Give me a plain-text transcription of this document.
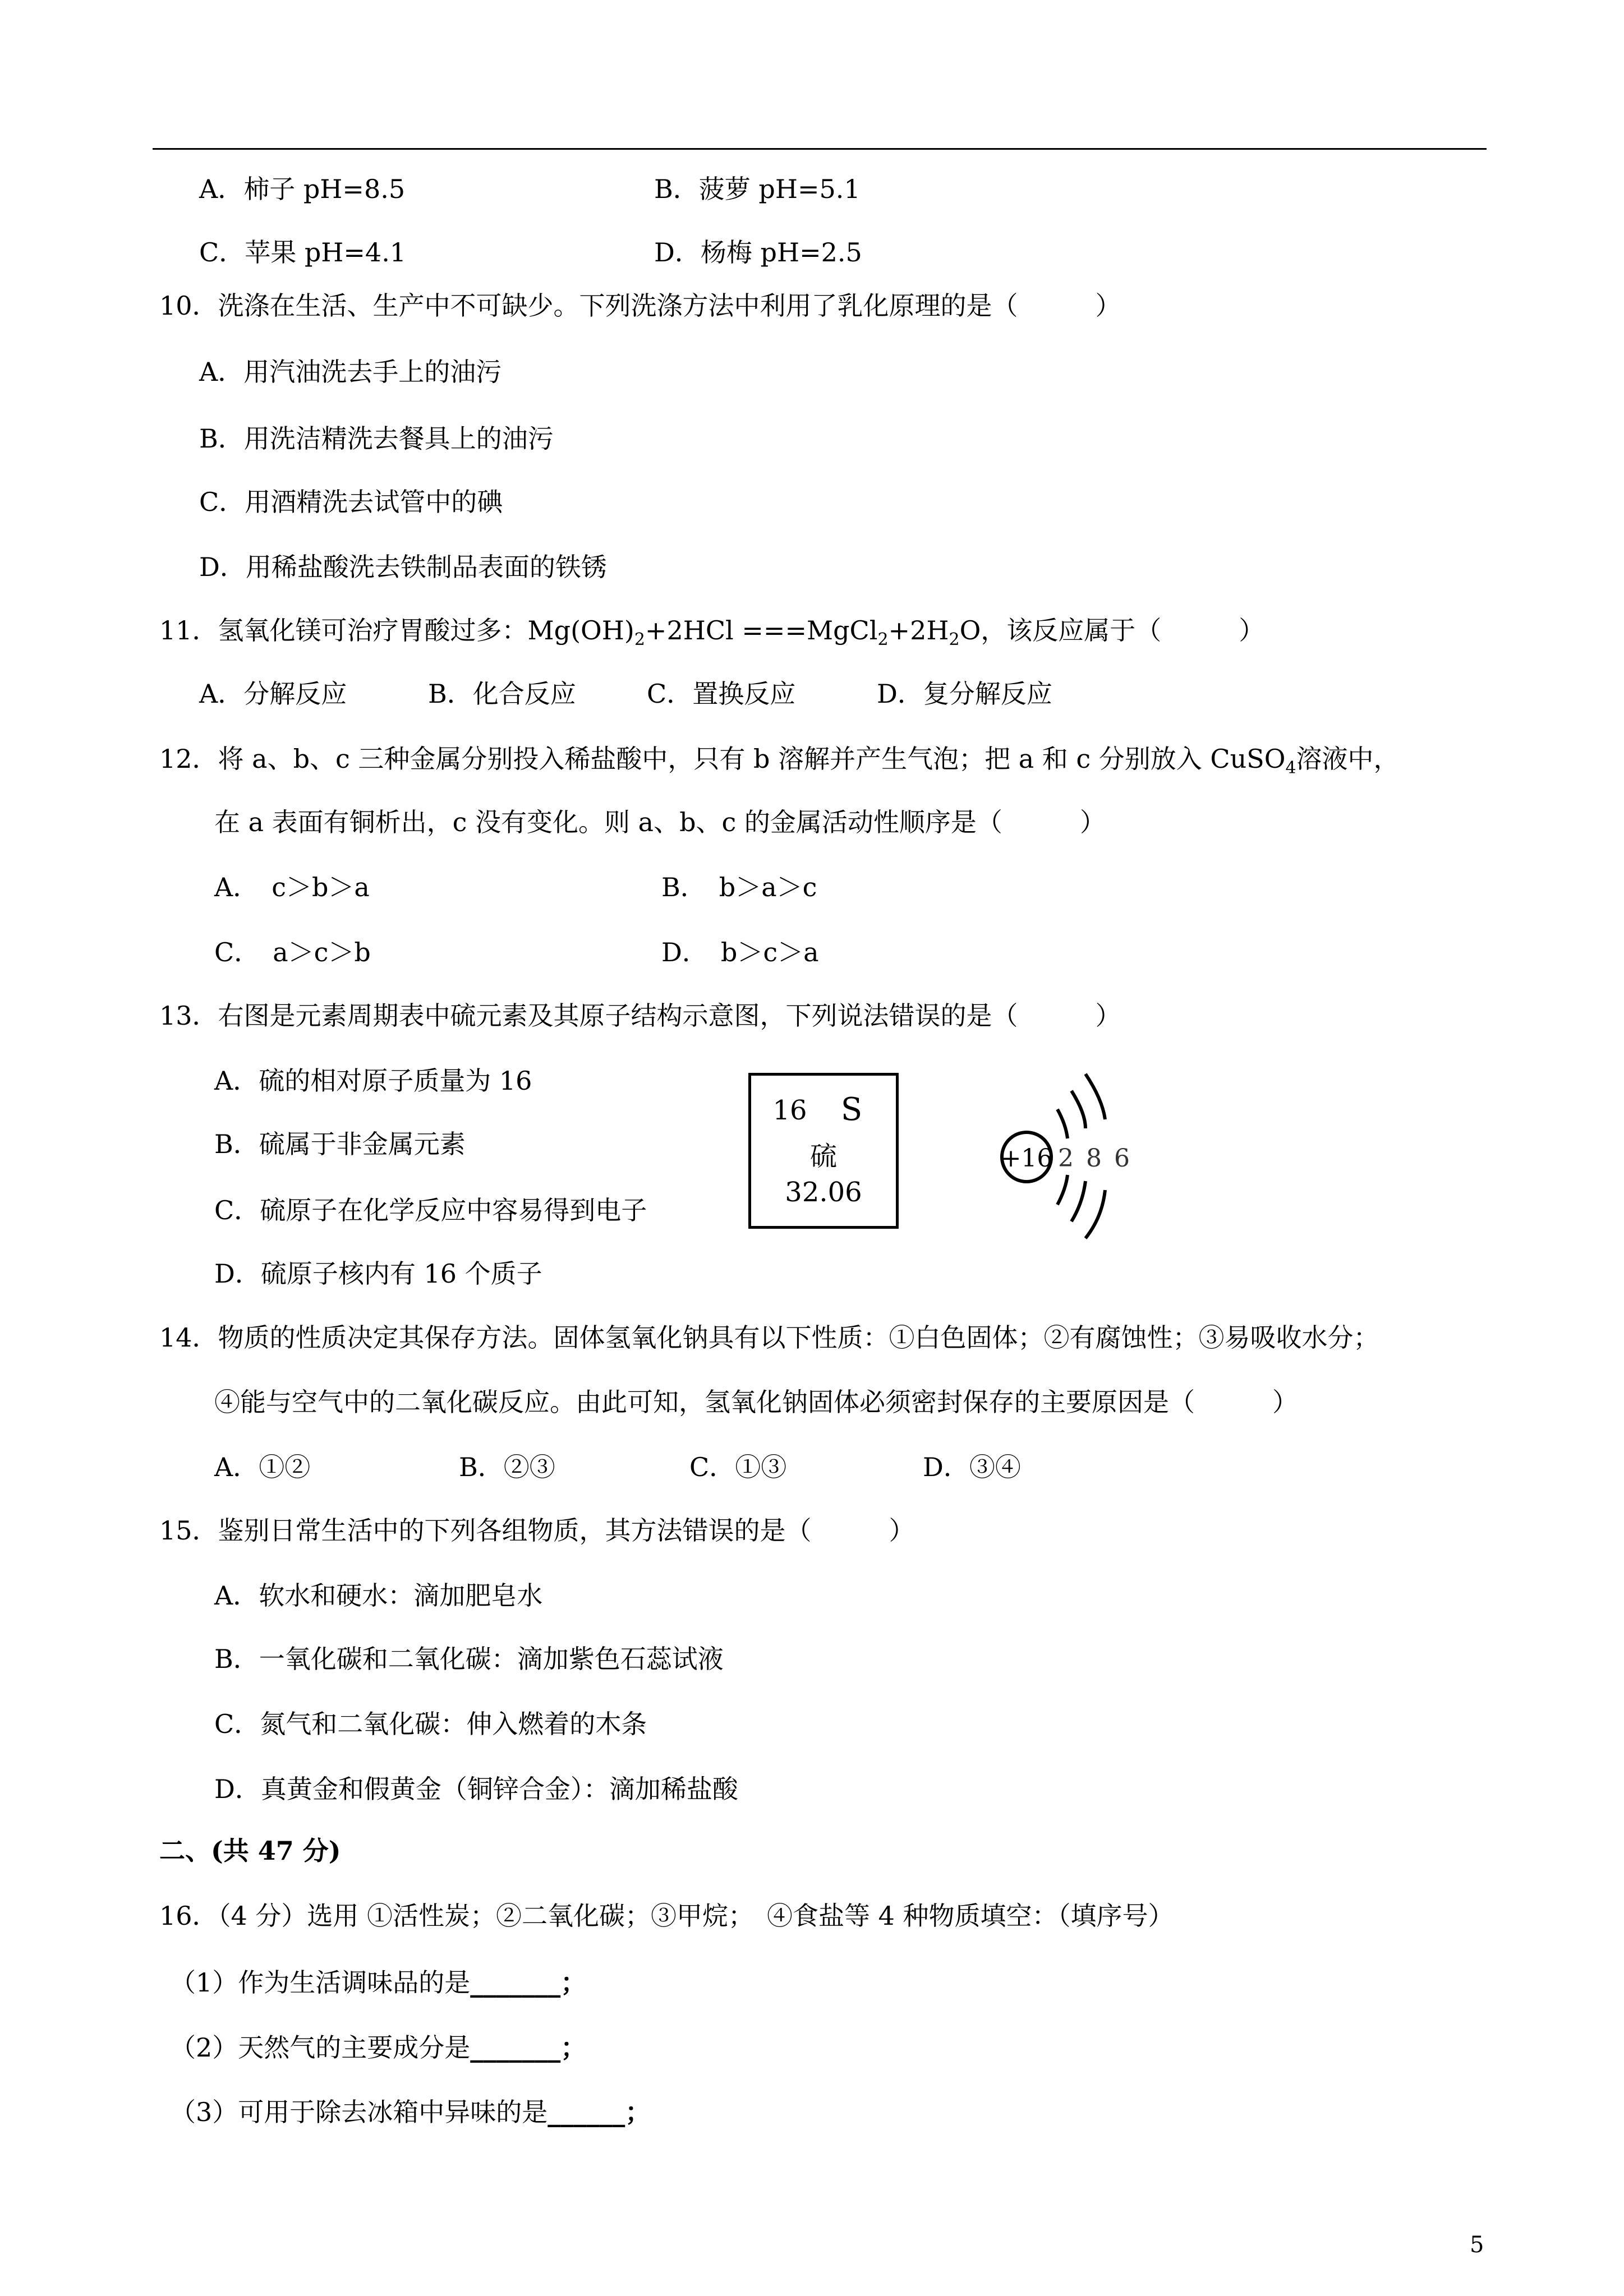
A．柿子 pH=8.5	B．菠萝 pH=5.1
C．苹果 pH=4.1	D．杨梅 pH=2.5
10．洗涤在生活、生产中不可缺少。下列洗涤方法中利用了乳化原理的是（　　　）
A．用汽油洗去手上的油污
B．用洗洁精洗去餐具上的油污
C．用酒精洗去试管中的碘
D．用稀盐酸洗去铁制品表面的铁锈
11．氢氧化镁可治疗胃酸过多：$Mg(OH)_2+2HCl$ $===MgCl_2+2H_2O$，该反应属于（　　　）
A．分解反应	B．化合反应	C．置换反应	D．复分解反应
12．将 a、b、c 三种金属分别投入稀盐酸中，只有 b 溶解并产生气泡；把 a 和 c 分别放入 CuSO$_4$溶液中，
在 a 表面有铜析出，c 没有变化。则 a、b、c 的金属活动性顺序是（　　　）
A．　c＞b＞a	B．　b＞a＞c
C．　a＞c＞b	D．　b＞c＞a
13．右图是元素周期表中硫元素及其原子结构示意图，下列说法错误的是（　　　）
A．硫的相对原子质量为 16
B．硫属于非金属元素
C．硫原子在化学反应中容易得到电子
D．硫原子核内有 16 个质子
16	S
硫
32.06
+16 2 8 6
14．物质的性质决定其保存方法。固体氢氧化钠具有以下性质：①白色固体；②有腐蚀性；③易吸收水分；
④能与空气中的二氧化碳反应。由此可知，氢氧化钠固体必须密封保存的主要原因是（　　　）
A．①②	B．②③	C．①③	D．③④
15．鉴别日常生活中的下列各组物质，其方法错误的是（　　　）
A．软水和硬水：滴加肥皂水
B．一氧化碳和二氧化碳：滴加紫色石蕊试液
C．氮气和二氧化碳：伸入燃着的木条
D．真黄金和假黄金（铜锌合金）：滴加稀盐酸
二、(共 47 分)
16．（4 分）选用 ①活性炭；②二氧化碳；③甲烷；　④食盐等 4 种物质填空：（填序号）
（1）作为生活调味品的是_______；
（2）天然气的主要成分是_______；
（3）可用于除去冰箱中异味的是______；
5
